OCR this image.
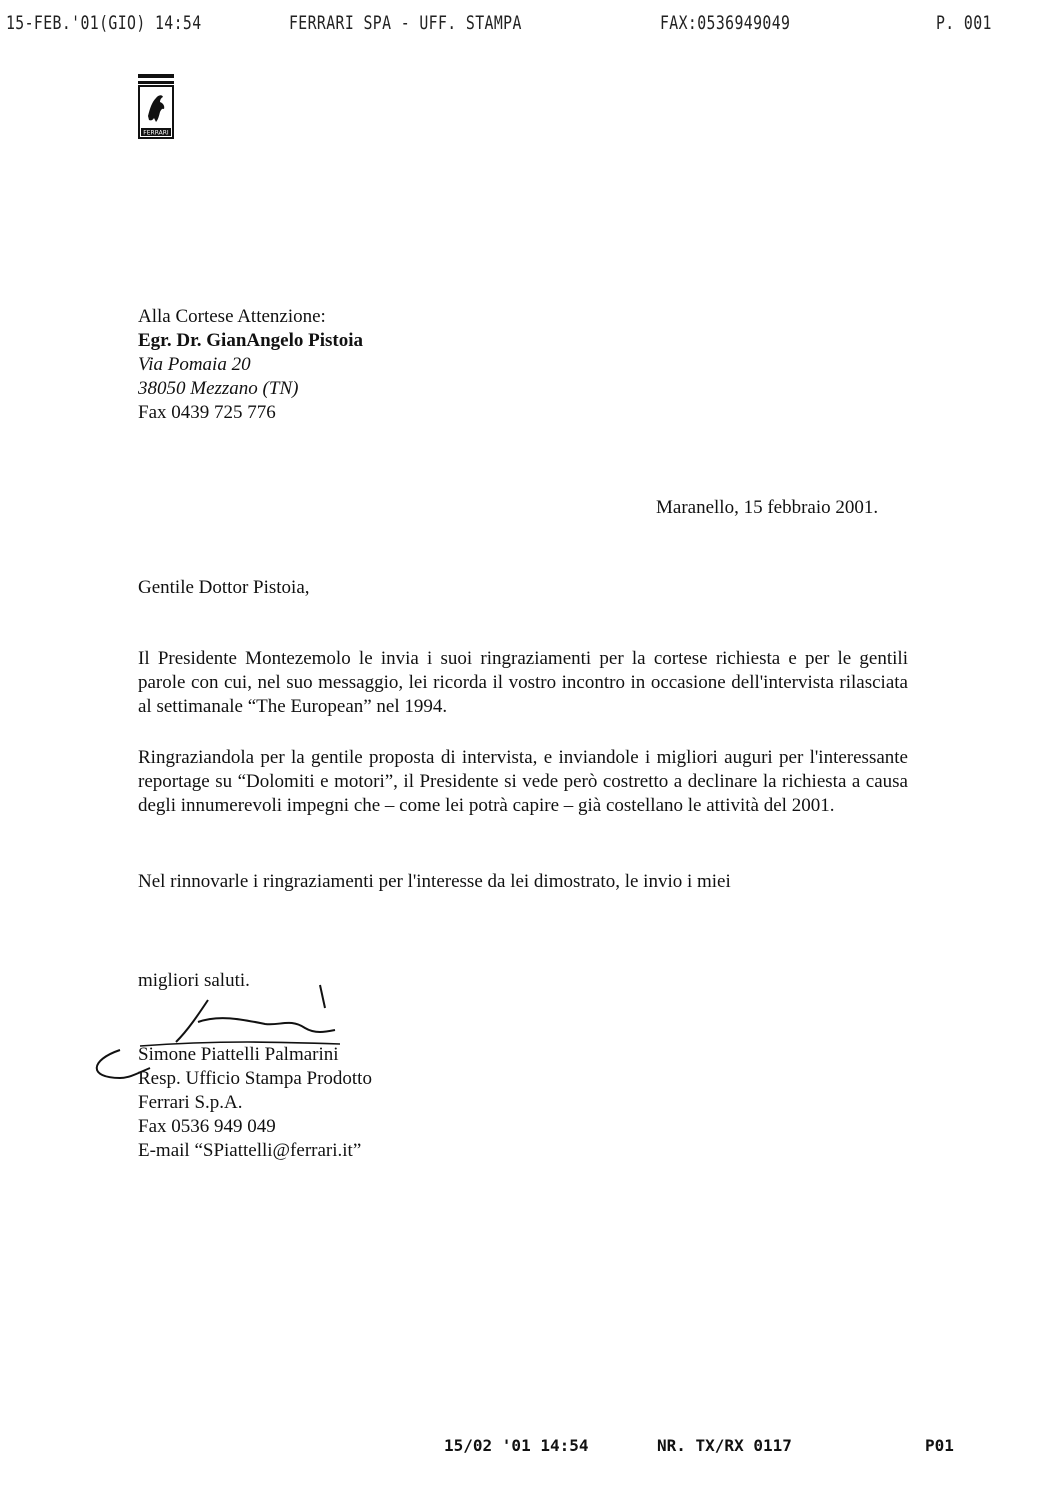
15-FEB.'01(GIO) 14:54	FERRARI SPA - UFF. STAMPA	FAX:0536949049	P. 001
FERRARI
Alla Cortese Attenzione:
Egr. Dr. GianAngelo Pistoia
Via Pomaia 20
38050 Mezzano (TN)
Fax 0439 725 776
Maranello, 15 febbraio 2001.
Gentile Dottor Pistoia,
Il Presidente Montezemolo le invia i suoi ringraziamenti per la cortese richiesta e per le gentili parole con cui, nel suo messaggio, lei ricorda il vostro incontro in occasione dell'intervista rilasciata al settimanale “The European” nel 1994.
Ringraziandola per la gentile proposta di intervista, e inviandole i migliori auguri per l'interessante reportage su “Dolomiti e motori”, il Presidente si vede però costretto a declinare la richiesta a causa degli innumerevoli impegni che – come lei potrà capire – già costellano le attività del 2001.
Nel rinnovarle i ringraziamenti per l'interesse da lei dimostrato, le invio i miei
migliori saluti.
Simone Piattelli Palmarini
Resp. Ufficio Stampa Prodotto
Ferrari S.p.A.
Fax 0536 949 049
E-mail “SPiattelli@ferrari.it”
15/02 '01 14:54	NR. TX/RX 0117	P01
